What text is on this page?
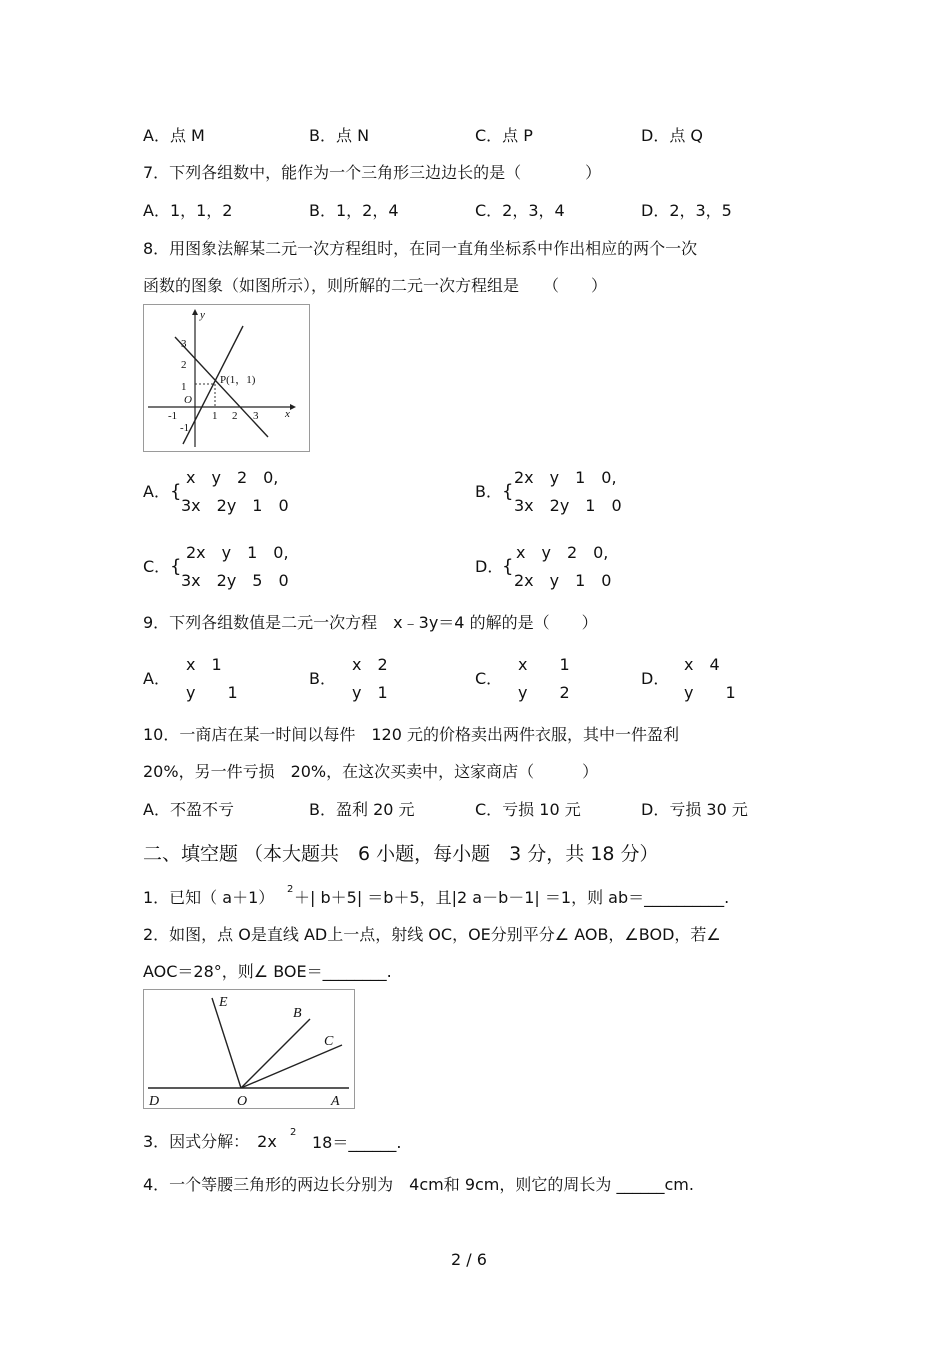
A．点 M	B．点 N	C．点 P	D．点 Q
7．下列各组数中，能作为一个三角形三边边长的是（　　　　）
A．1，1，2	B．1，2，4	C．2，3，4	D．2，3，5
8．用图象法解某二元一次方程组时，在同一直角坐标系中作出相应的两个一次
函数的图象（如图所示），则所解的二元一次方程组是　　（　　）
y
x
O
3
2
1
-1
-1	1 2 3
P(1，1)
A． {
x　y　2　0,
3x　2y　1　0
B． {
2x　y　1　0,
3x　2y　1　0
C． {
2x　y　1　0,
3x　2y　5　0
D．
{
x　y　2　0,
2x　y　1　0
9．下列各组数值是二元一次方程　x﹣3y＝4 的解的是（　　）
A．
x　1
y　　1
B．
x　2
y　1
C．
x　　1
y　　2
D．
x　4
y　　1
10．一商店在某一时间以每件　120 元的价格卖出两件衣服，其中一件盈利
20%，另一件亏损　20%，在这次买卖中，这家商店（　　　）
A．不盈不亏	B．盈利 20 元	C．亏损 10 元	D．亏损 30 元
二、填空题 （本大题共　6 小题，每小题　3 分，共 18 分）
1．已知（ a＋1） 2 ＋| b＋5| ＝b＋5，且|2 a－b－1| ＝1，则 ab＝__________.
2．如图，点 O是直线 AD上一点，射线 OC，OE分别平分∠ AOB，∠BOD，若∠
AOC＝28°，则∠ BOE＝________.
E
B
C
D	O	A
3．因式分解：　2x 2
　18＝______.
4．一个等腰三角形的两边长分别为　4cm和 9cm，则它的周长为 ______cm.
2 / 6
